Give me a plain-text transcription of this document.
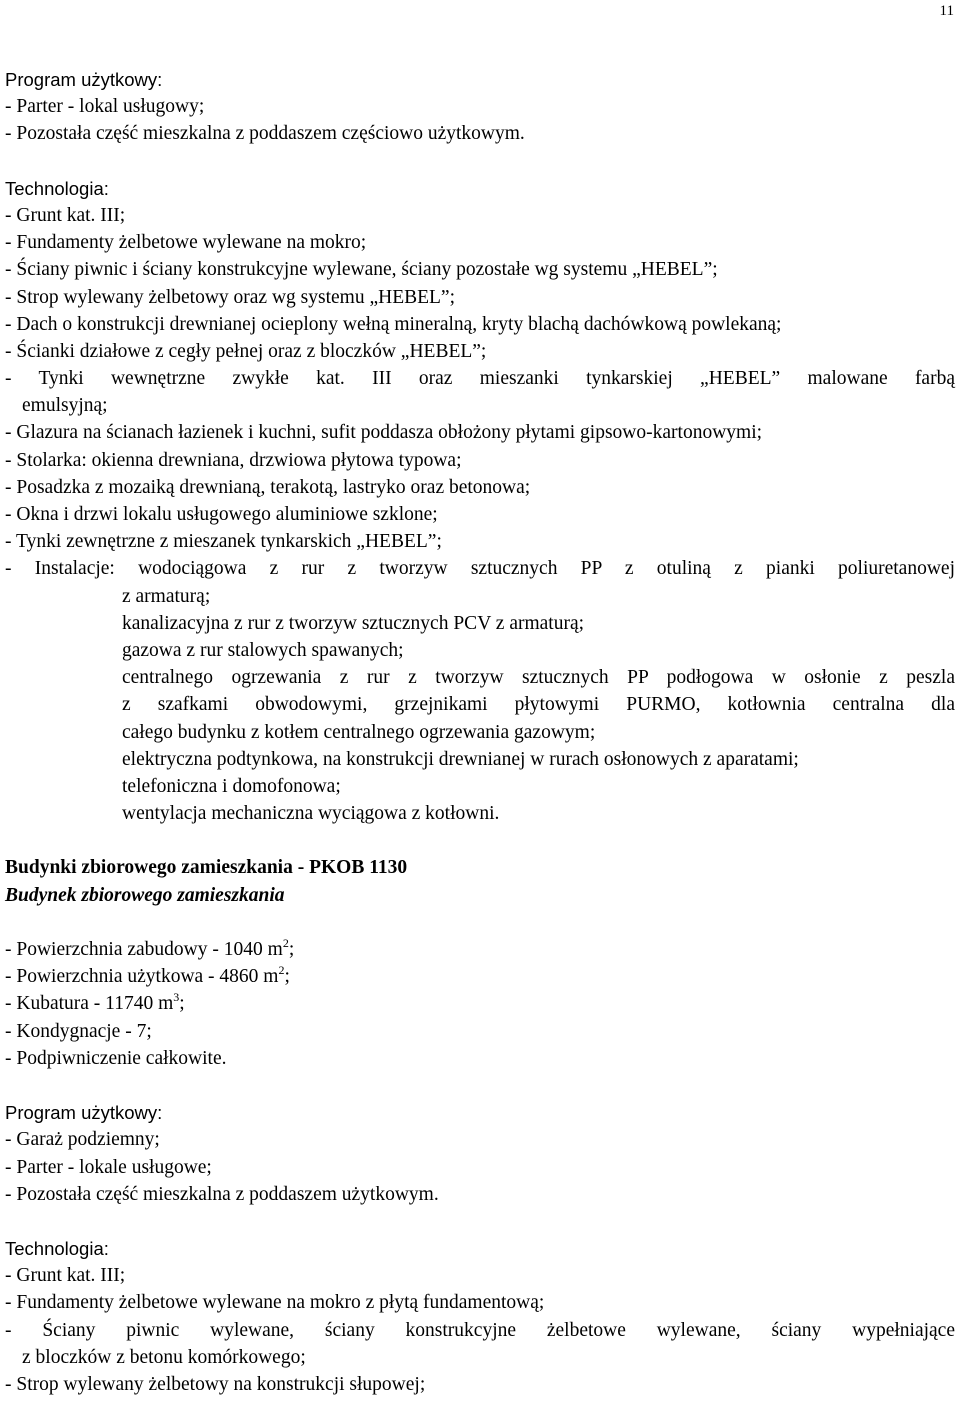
11
Program użytkowy:
- Parter - lokal usługowy;
- Pozostała część mieszkalna z poddaszem częściowo użytkowym.
Technologia:
- Grunt kat. III;
- Fundamenty żelbetowe wylewane na mokro;
- Ściany piwnic i ściany konstrukcyjne wylewane, ściany pozostałe wg systemu „HEBEL”;
- Strop wylewany żelbetowy oraz wg systemu „HEBEL”;
- Dach o konstrukcji drewnianej ocieplony wełną mineralną, kryty blachą dachówkową powlekaną;
- Ścianki działowe z cegły pełnej oraz z bloczków „HEBEL”;
- Tynki wewnętrzne zwykłe kat. III oraz mieszanki tynkarskiej „HEBEL” malowane farbą
emulsyjną;
- Glazura na ścianach łazienek i kuchni, sufit poddasza obłożony płytami gipsowo-kartonowymi;
- Stolarka: okienna drewniana, drzwiowa płytowa typowa;
- Posadzka z mozaiką drewnianą, terakotą, lastryko oraz betonowa;
- Okna i drzwi lokalu usługowego aluminiowe szklone;
- Tynki zewnętrzne z mieszanek tynkarskich „HEBEL”;
- Instalacje: wodociągowa z rur z tworzyw sztucznych PP z otuliną z pianki poliuretanowej
z armaturą;
kanalizacyjna z rur z tworzyw sztucznych PCV z armaturą;
gazowa z rur stalowych spawanych;
centralnego ogrzewania z rur z tworzyw sztucznych PP podłogowa w osłonie z peszla
z szafkami obwodowymi, grzejnikami płytowymi PURMO, kotłownia centralna dla
całego budynku z kotłem centralnego ogrzewania gazowym;
elektryczna podtynkowa, na konstrukcji drewnianej w rurach osłonowych z aparatami;
telefoniczna i domofonowa;
wentylacja mechaniczna wyciągowa z kotłowni.
Budynki zbiorowego zamieszkania - PKOB 1130
Budynek zbiorowego zamieszkania
- Powierzchnia zabudowy - 1040 $m^2$;
- Powierzchnia użytkowa - 4860 $m^2$;
- Kubatura - 11740 $m^3$;
- Kondygnacje - 7;
- Podpiwniczenie całkowite.
Program użytkowy:
- Garaż podziemny;
- Parter - lokale usługowe;
- Pozostała część mieszkalna z poddaszem użytkowym.
Technologia:
- Grunt kat. III;
- Fundamenty żelbetowe wylewane na mokro z płytą fundamentową;
- Ściany piwnic wylewane, ściany konstrukcyjne żelbetowe wylewane, ściany wypełniające
z bloczków z betonu komórkowego;
- Strop wylewany żelbetowy na konstrukcji słupowej;
